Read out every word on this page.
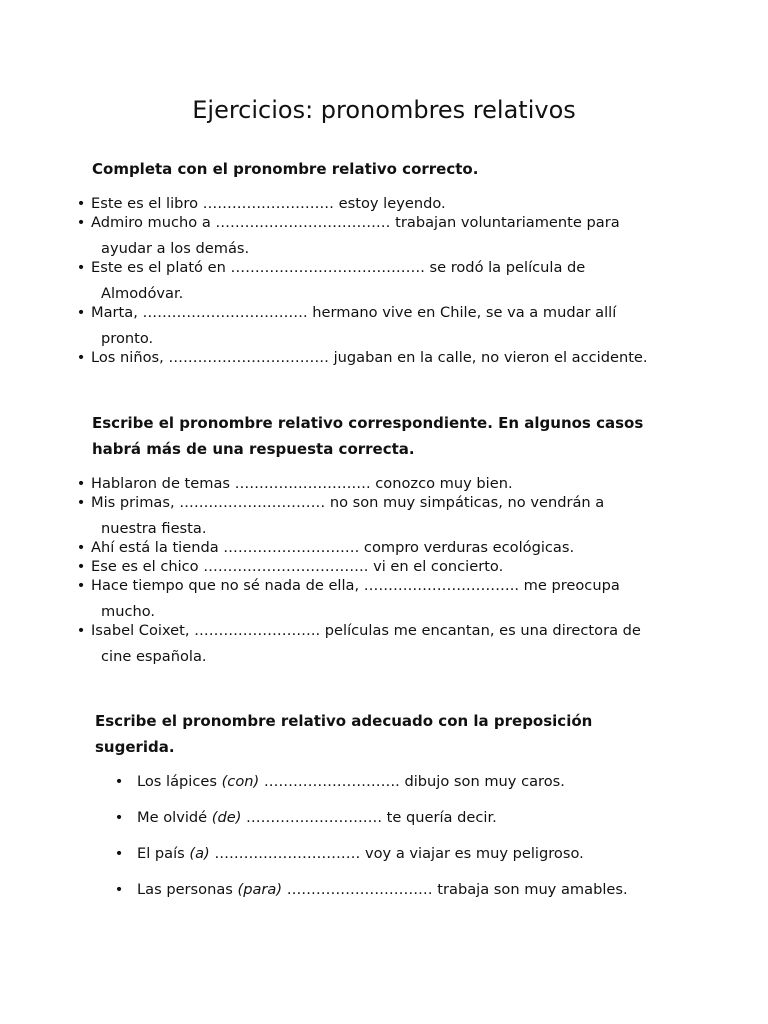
Ejercicios: pronombres relativos

Completa con el pronombre relativo correcto.

• Este es el libro ……………………… estoy leyendo.
• Admiro mucho a ……………………………… trabajan voluntariamente para
ayudar a los demás.
• Este es el plató en …………………………………. se rodó la película de
Almodóvar.
• Marta, ……………………………. hermano vive en Chile, se va a mudar allí
pronto.
• Los niños, …………………………… jugaban en la calle, no vieron el accidente.

Escribe el pronombre relativo correspondiente. En algunos casos habrá más de una respuesta correcta.

• Hablaron de temas ………………………. conozco muy bien.
• Mis primas, ………………………… no son muy simpáticas, no vendrán a
nuestra fiesta.
• Ahí está la tienda ………………………. compro verduras ecológicas.
• Ese es el chico ……………………………. vi en el concierto.
• Hace tiempo que no sé nada de ella, ………………………….. me preocupa
mucho.
• Isabel Coixet, …………………….. películas me encantan, es una directora de
cine española.

Escribe el pronombre relativo adecuado con la preposición sugerida.

• Los lápices (con) ………………………. dibujo son muy caros.
• Me olvidé (de) ………………………. te quería decir.
• El país (a) ………………………… voy a viajar es muy peligroso.
• Las personas (para) ………………………… trabaja son muy amables.
